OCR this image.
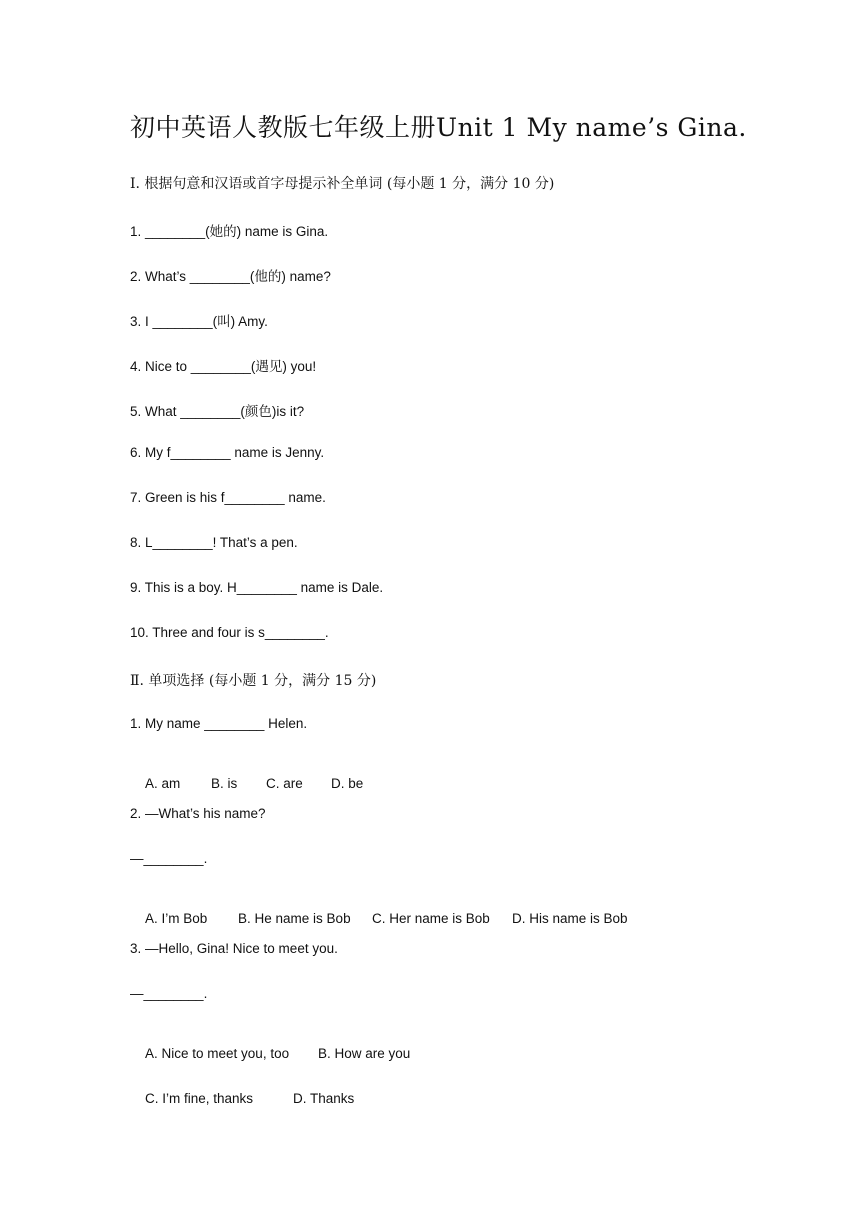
初中英语人教版七年级上册Unit 1 My name’s Gina.
Ⅰ. 根据句意和汉语或首字母提示补全单词 (每小题 1 分，满分 10 分)
1. ________(她的) name is Gina.
2. What’s ________(他的) name?
3. I ________(叫) Amy.
4. Nice to ________(遇见) you!
5. What ________(颜色)is it?
6. My f________ name is Jenny.
7. Green is his f________ name.
8. L________! That’s a pen.
9. This is a boy. H________ name is Dale.
10. Three and four is s________.
Ⅱ. 单项选择 (每小题 1 分，满分 15 分)
1. My name ________ Helen.

A. am B. is C. are D. be

2. —What’s his name?
—________.

A. I’m Bob B. He name is Bob C. Her name is Bob D. His name is Bob

3. —Hello, Gina! Nice to meet you.
—________.

A. Nice to meet you, too B. How are you

C. I’m fine, thanks	D. Thanks
